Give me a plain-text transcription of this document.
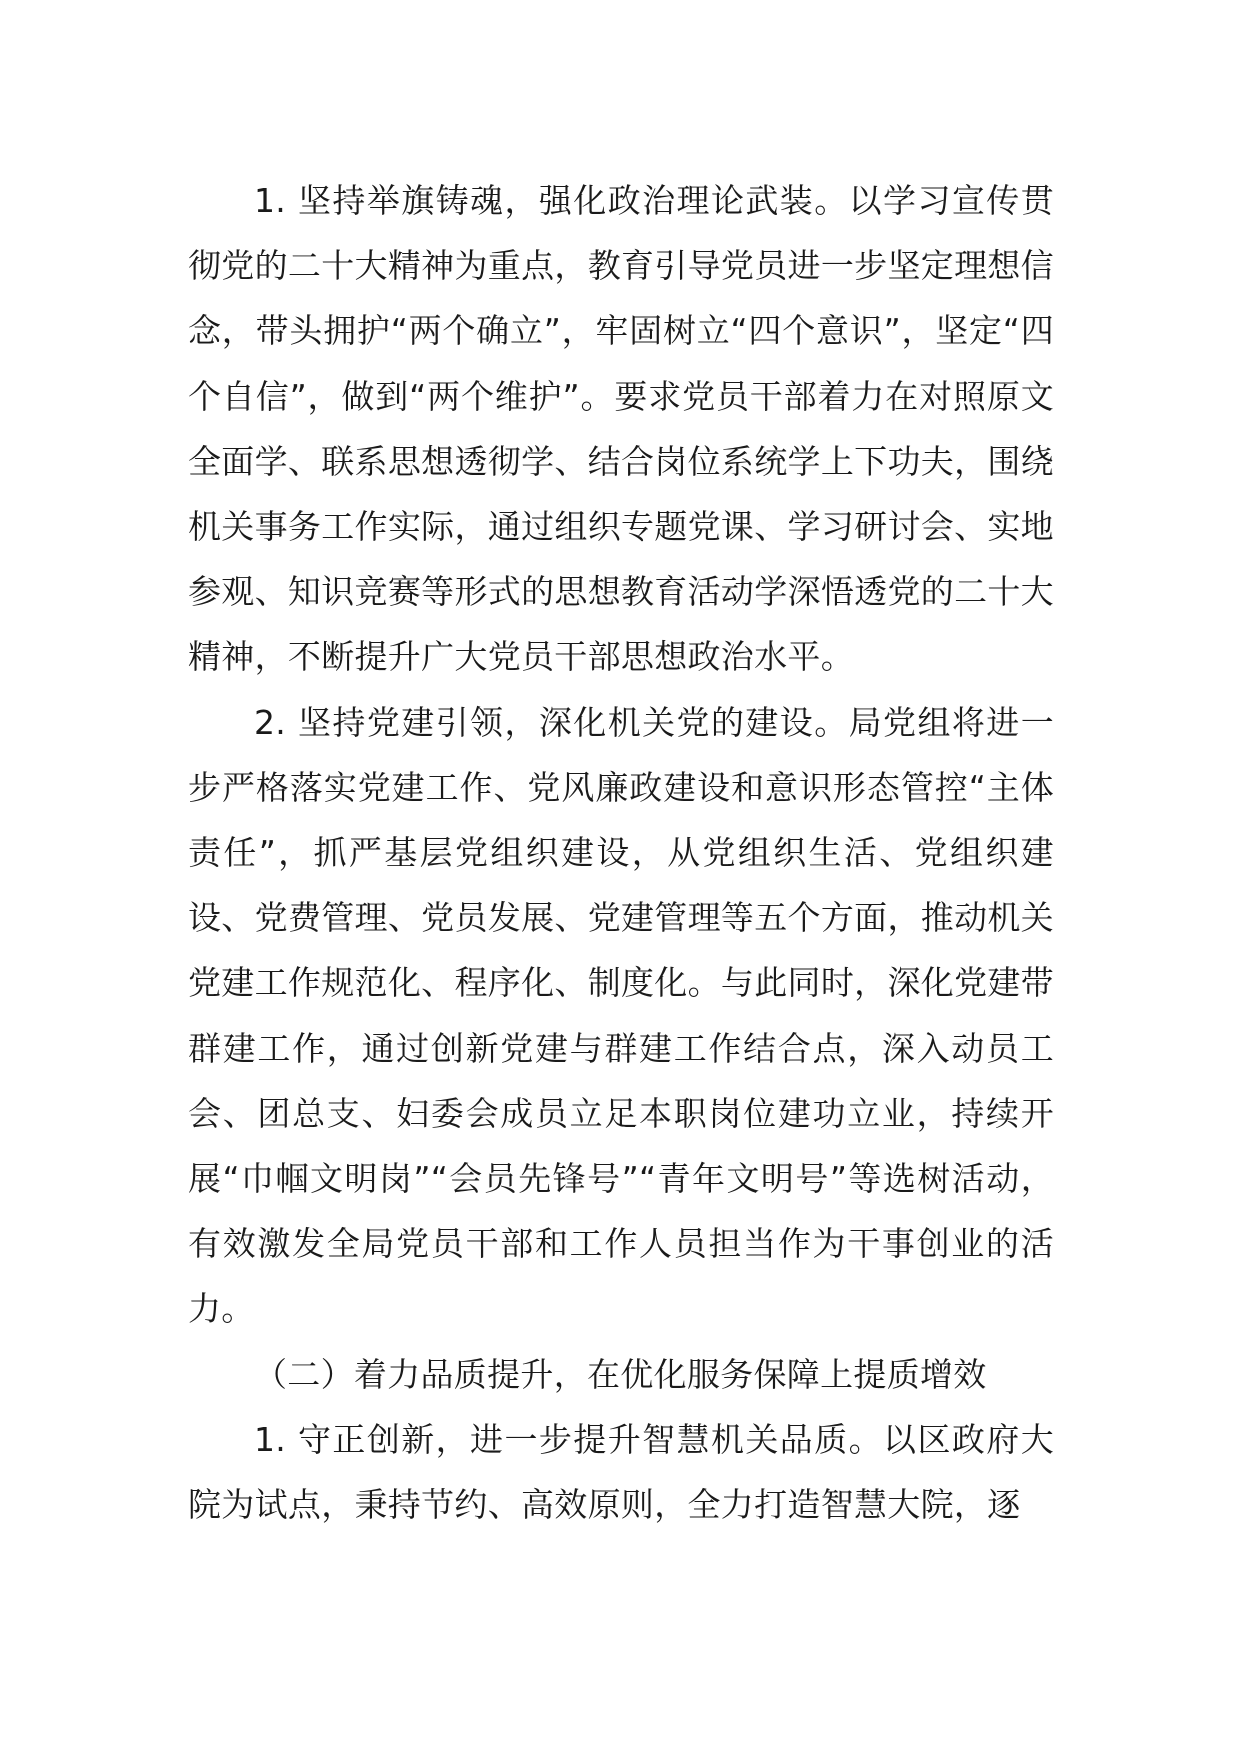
1. 坚持举旗铸魂，强化政治理论武装。以学习宣传贯彻党的二十大精神为重点，教育引导党员进一步坚定理想信念，带头拥护“两个确立”，牢固树立“四个意识”，坚定“四个自信”，做到“两个维护”。要求党员干部着力在对照原文全面学、联系思想透彻学、结合岗位系统学上下功夫，围绕机关事务工作实际，通过组织专题党课、学习研讨会、实地参观、知识竞赛等形式的思想教育活动学深悟透党的二十大精神，不断提升广大党员干部思想政治水平。

2. 坚持党建引领，深化机关党的建设。局党组将进一步严格落实党建工作、党风廉政建设和意识形态管控“主体责任”，抓严基层党组织建设，从党组织生活、党组织建设、党费管理、党员发展、党建管理等五个方面，推动机关党建工作规范化、程序化、制度化。与此同时，深化党建带群建工作，通过创新党建与群建工作结合点，深入动员工会、团总支、妇委会成员立足本职岗位建功立业，持续开展“巾帼文明岗”“会员先锋号”“青年文明号”等选树活动，有效激发全局党员干部和工作人员担当作为干事创业的活力。

（二）着力品质提升，在优化服务保障上提质增效

1. 守正创新，进一步提升智慧机关品质。以区政府大院为试点，秉持节约、高效原则，全力打造智慧大院，逐
